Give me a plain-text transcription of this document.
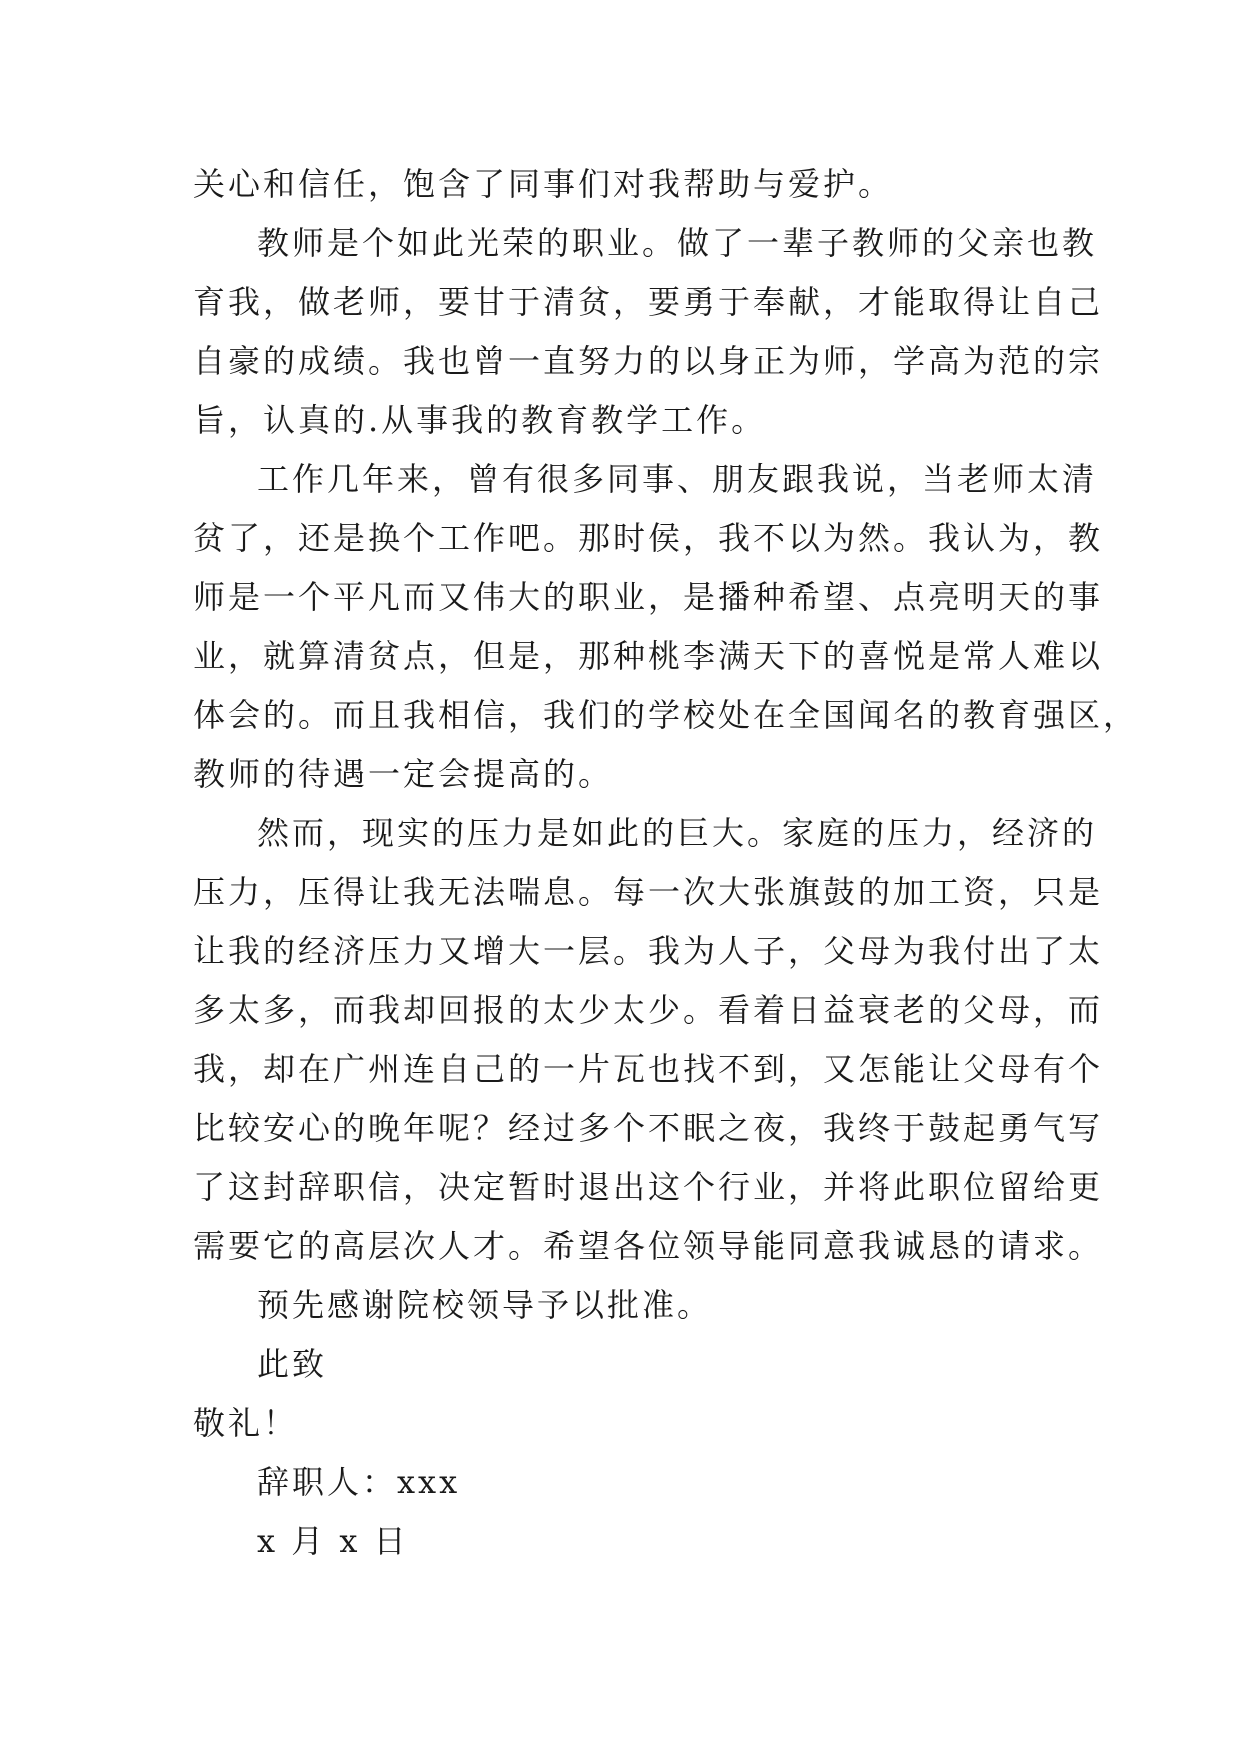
关心和信任，饱含了同事们对我帮助与爱护。
教师是个如此光荣的职业。做了一辈子教师的父亲也教
育我，做老师，要甘于清贫，要勇于奉献，才能取得让自己
自豪的成绩。我也曾一直努力的以身正为师，学高为范的宗
旨，认真的.从事我的教育教学工作。
工作几年来，曾有很多同事、朋友跟我说，当老师太清
贫了，还是换个工作吧。那时侯，我不以为然。我认为，教
师是一个平凡而又伟大的职业，是播种希望、点亮明天的事
业，就算清贫点，但是，那种桃李满天下的喜悦是常人难以
体会的。而且我相信，我们的学校处在全国闻名的教育强区，
教师的待遇一定会提高的。
然而，现实的压力是如此的巨大。家庭的压力，经济的
压力，压得让我无法喘息。每一次大张旗鼓的加工资，只是
让我的经济压力又增大一层。我为人子，父母为我付出了太
多太多，而我却回报的太少太少。看着日益衰老的父母，而
我，却在广州连自己的一片瓦也找不到，又怎能让父母有个
比较安心的晚年呢？经过多个不眠之夜，我终于鼓起勇气写
了这封辞职信，决定暂时退出这个行业，并将此职位留给更
需要它的高层次人才。希望各位领导能同意我诚恳的请求。
预先感谢院校领导予以批准。
此致
敬礼！
辞职人：xxx
x 月 x 日
